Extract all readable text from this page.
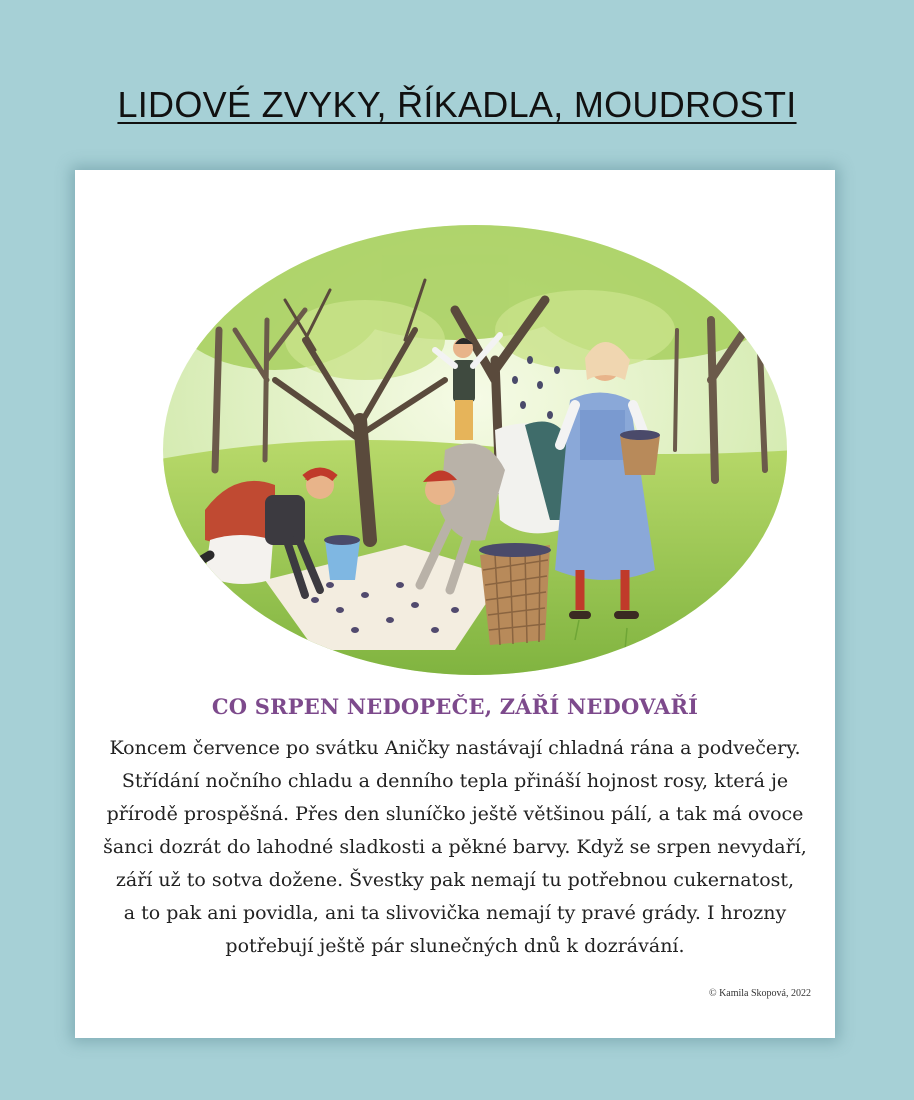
LIDOVÉ ZVYKY, ŘÍKADLA, MOUDROSTI
CO SRPEN NEDOPEČE, ZÁŘÍ NEDOVAŘÍ
Koncem července po svátku Aničky nastávají chladná rána a podvečery.
Střídání nočního chladu a denního tepla přináší hojnost rosy, která je
přírodě prospěšná. Přes den sluníčko ještě většinou pálí, a tak má ovoce
šanci dozrát do lahodné sladkosti a pěkné barvy. Když se srpen nevydaří,
září už to sotva dožene. Švestky pak nemají tu potřebnou cukernatost,
a to pak ani povidla, ani ta slivovička nemají ty pravé grády. I hrozny
potřebují ještě pár slunečných dnů k dozrávání.
© Kamila Skopová, 2022
